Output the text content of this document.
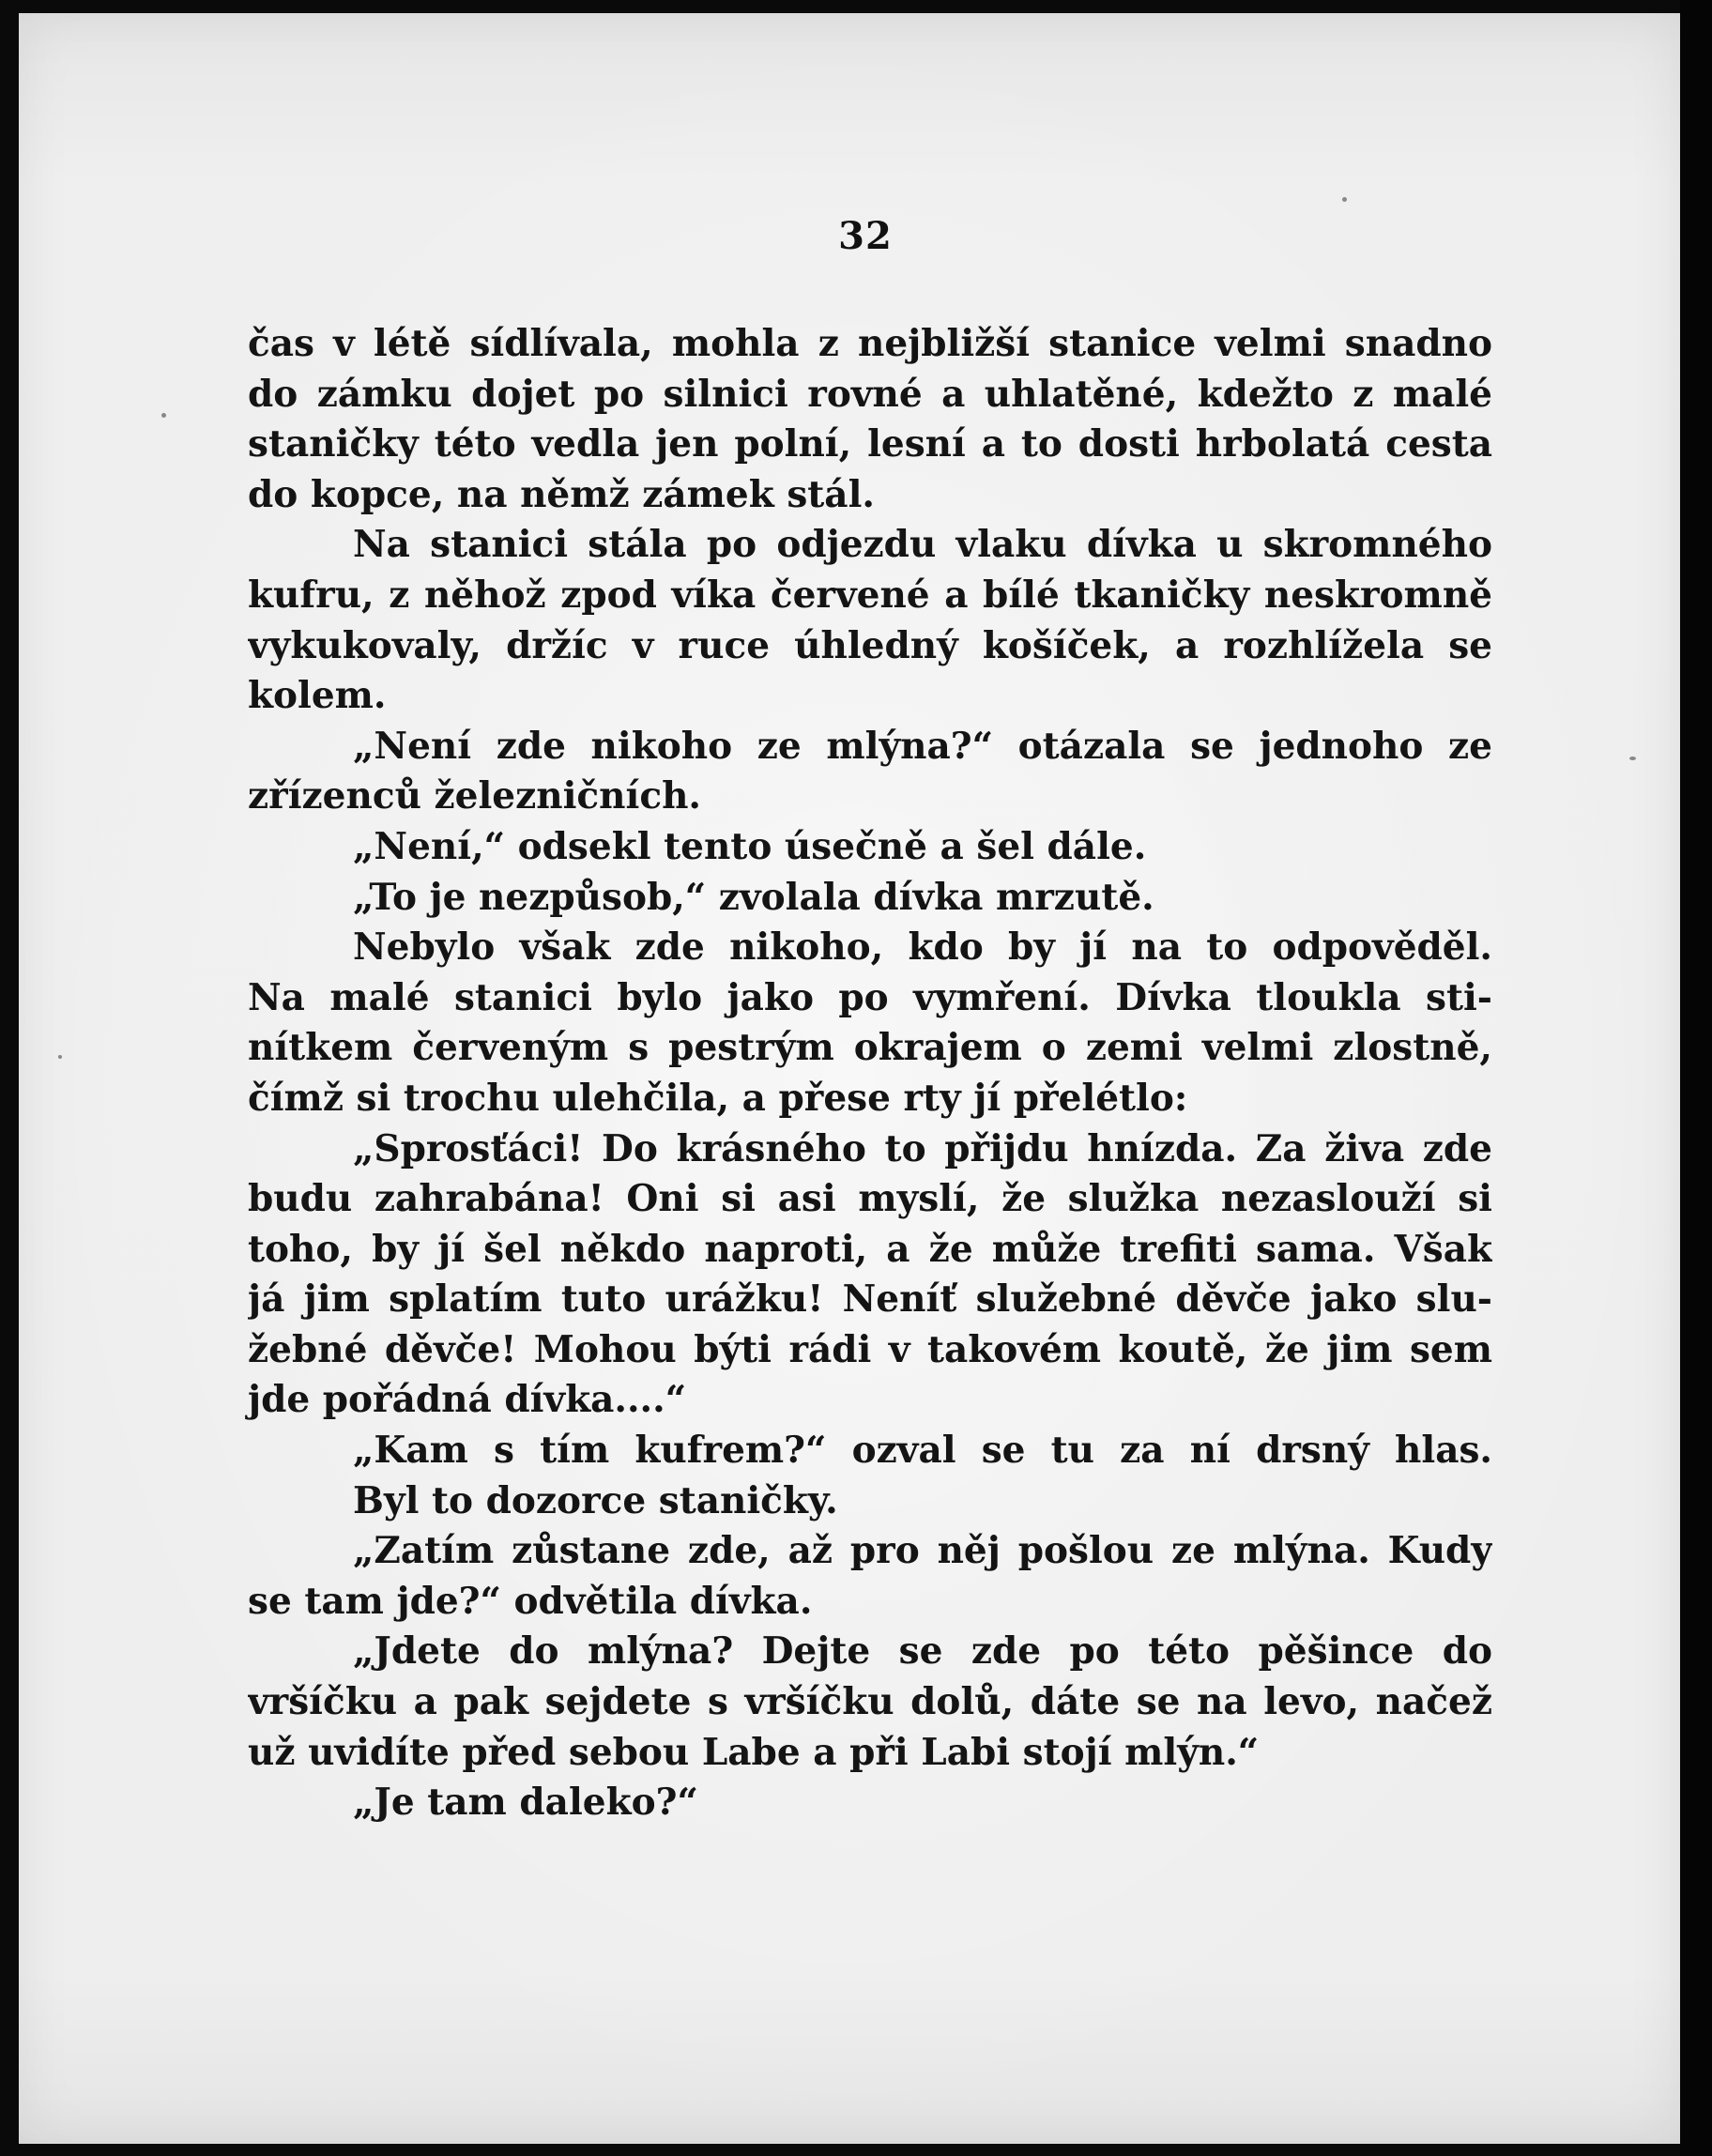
32
čas v létě sídlívala, mohla z nejbližší stanice velmi snadno
do zámku dojet po silnici rovné a uhlatěné, kdežto z malé
staničky této vedla jen polní, lesní a to dosti hrbolatá cesta
do kopce, na němž zámek stál.
Na stanici stála po odjezdu vlaku dívka u skromného
kufru, z něhož zpod víka červené a bílé tkaničky neskromně
vykukovaly, držíc v ruce úhledný košíček, a rozhlížela se
kolem.
„Není zde nikoho ze mlýna?“ otázala se jednoho ze
zřízenců železničních.
„Není,“ odsekl tento úsečně a šel dále.
„To je nezpůsob,“ zvolala dívka mrzutě.
Nebylo však zde nikoho, kdo by jí na to odpověděl.
Na malé stanici bylo jako po vymření. Dívka tloukla sti-
nítkem červeným s pestrým okrajem o zemi velmi zlostně,
čímž si trochu ulehčila, a přese rty jí přelétlo:
„Sprosťáci! Do krásného to přijdu hnízda. Za živa zde
budu zahrabána! Oni si asi myslí, že služka nezaslouží si
toho, by jí šel někdo naproti, a že může trefiti sama. Však
já jim splatím tuto urážku! Neníť služebné děvče jako slu-
žebné děvče! Mohou býti rádi v takovém koutě, že jim sem
jde pořádná dívka....“
„Kam s tím kufrem?“ ozval se tu za ní drsný hlas.
Byl to dozorce staničky.
„Zatím zůstane zde, až pro něj pošlou ze mlýna. Kudy
se tam jde?“ odvětila dívka.
„Jdete do mlýna? Dejte se zde po této pěšince do
vršíčku a pak sejdete s vršíčku dolů, dáte se na levo, načež
už uvidíte před sebou Labe a při Labi stojí mlýn.“
„Je tam daleko?“
